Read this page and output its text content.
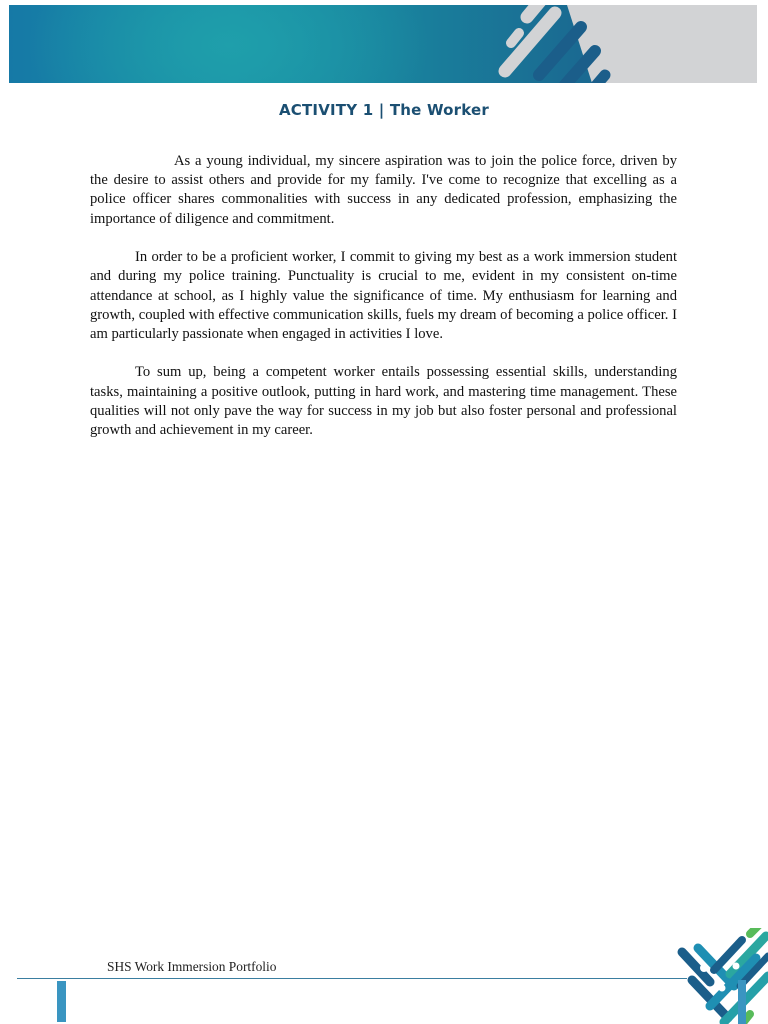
ACTIVITY 1 | The Worker

As a young individual, my sincere aspiration was to join the police force, driven by the desire to assist others and provide for my family. I've come to recognize that excelling as a police officer shares commonalities with success in any dedicated profession, emphasizing the importance of diligence and commitment.

In order to be a proficient worker, I commit to giving my best as a work immersion student and during my police training. Punctuality is crucial to me, evident in my consistent on-time attendance at school, as I highly value the significance of time. My enthusiasm for learning and growth, coupled with effective communication skills, fuels my dream of becoming a police officer. I am particularly passionate when engaged in activities I love.

To sum up, being a competent worker entails possessing essential skills, understanding tasks, maintaining a positive outlook, putting in hard work, and mastering time management. These qualities will not only pave the way for success in my job but also foster personal and professional growth and achievement in my career.

SHS Work Immersion Portfolio
